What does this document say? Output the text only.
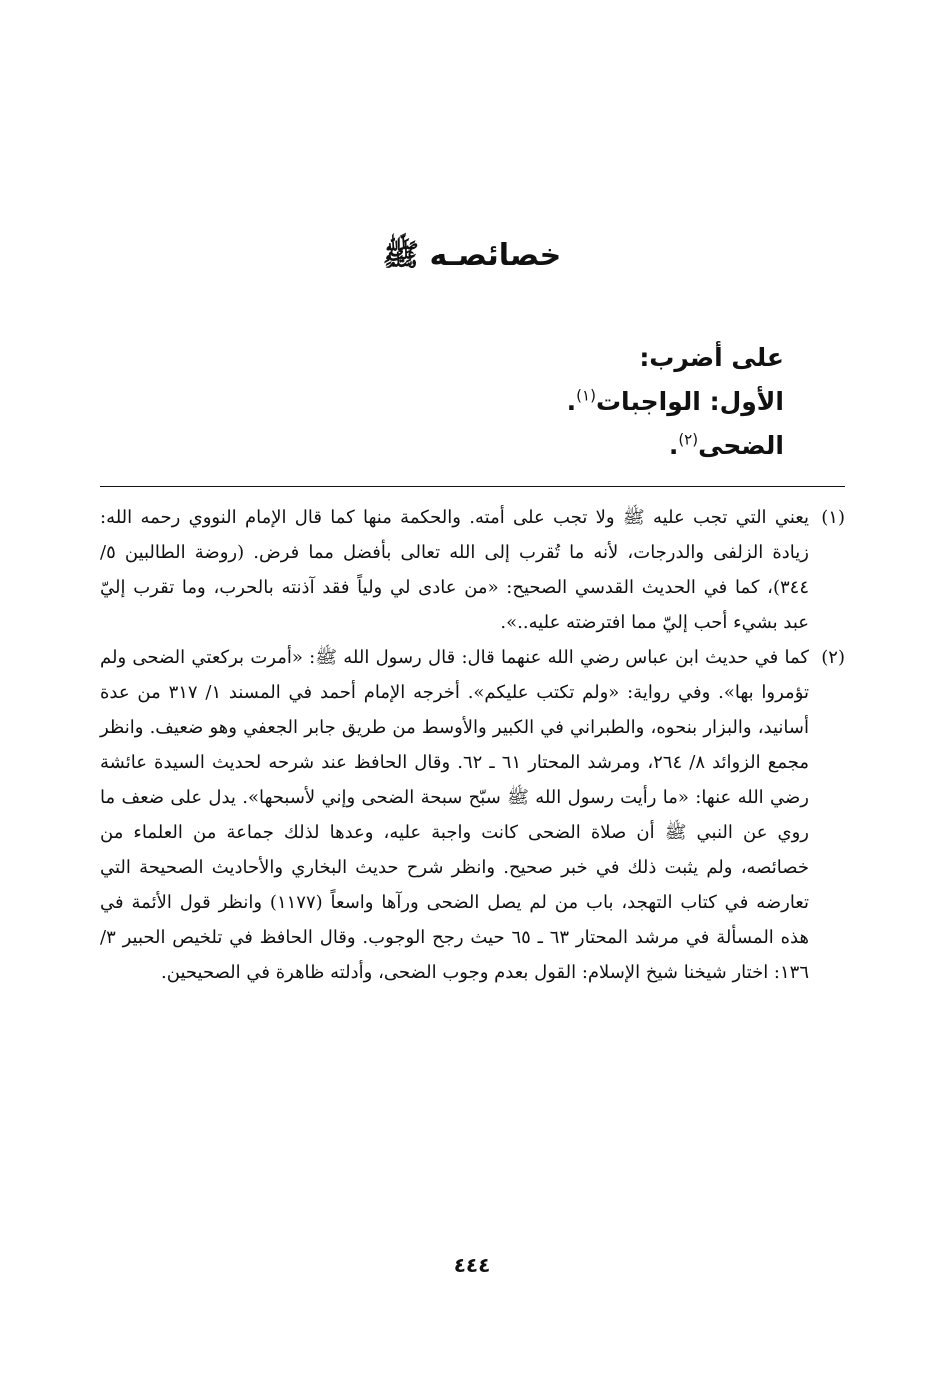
خصائصـه ﷺ
على أضرب:
الأول: الواجبات$^{(١)}$.
الضحى$^{(٢)}$.
(١)
يعني التي تجب عليه ﷺ ولا تجب على أمته. والحكمة منها كما قال الإمام النووي رحمه الله: زيادة الزلفى والدرجات، لأنه ما تُقرب إلى الله تعالى بأفضل مما فرض. (روضة الطالبين ٥/ ٣٤٤)، كما في الحديث القدسي الصحيح: «من عادى لي ولياً فقد آذنته بالحرب، وما تقرب إليّ عبد بشيء أحب إليّ مما افترضته عليه..».
(٢)
كما في حديث ابن عباس رضي الله عنهما قال: قال رسول الله ﷺ: «أمرت بركعتي الضحى ولم تؤمروا بها». وفي رواية: «ولم تكتب عليكم». أخرجه الإمام أحمد في المسند ١/ ٣١٧ من عدة أسانيد، والبزار بنحوه، والطبراني في الكبير والأوسط من طريق جابر الجعفي وهو ضعيف. وانظر مجمع الزوائد ٨/ ٢٦٤، ومرشد المحتار ٦١ ـ ٦٢. وقال الحافظ عند شرحه لحديث السيدة عائشة رضي الله عنها: «ما رأيت رسول الله ﷺ سبّح سبحة الضحى وإني لأسبحها». يدل على ضعف ما روي عن النبي ﷺ أن صلاة الضحى كانت واجبة عليه، وعدها لذلك جماعة من العلماء من خصائصه، ولم يثبت ذلك في خبر صحيح. وانظر شرح حديث البخاري والأحاديث الصحيحة التي تعارضه في كتاب التهجد، باب من لم يصل الضحى ورآها واسعاً (١١٧٧) وانظر قول الأئمة في هذه المسألة في مرشد المحتار ٦٣ ـ ٦٥ حيث رجح الوجوب. وقال الحافظ في تلخيص الحبير ٣/ ١٣٦: اختار شيخنا شيخ الإسلام: القول بعدم وجوب الضحى، وأدلته ظاهرة في الصحيحين.
٤٤٤
